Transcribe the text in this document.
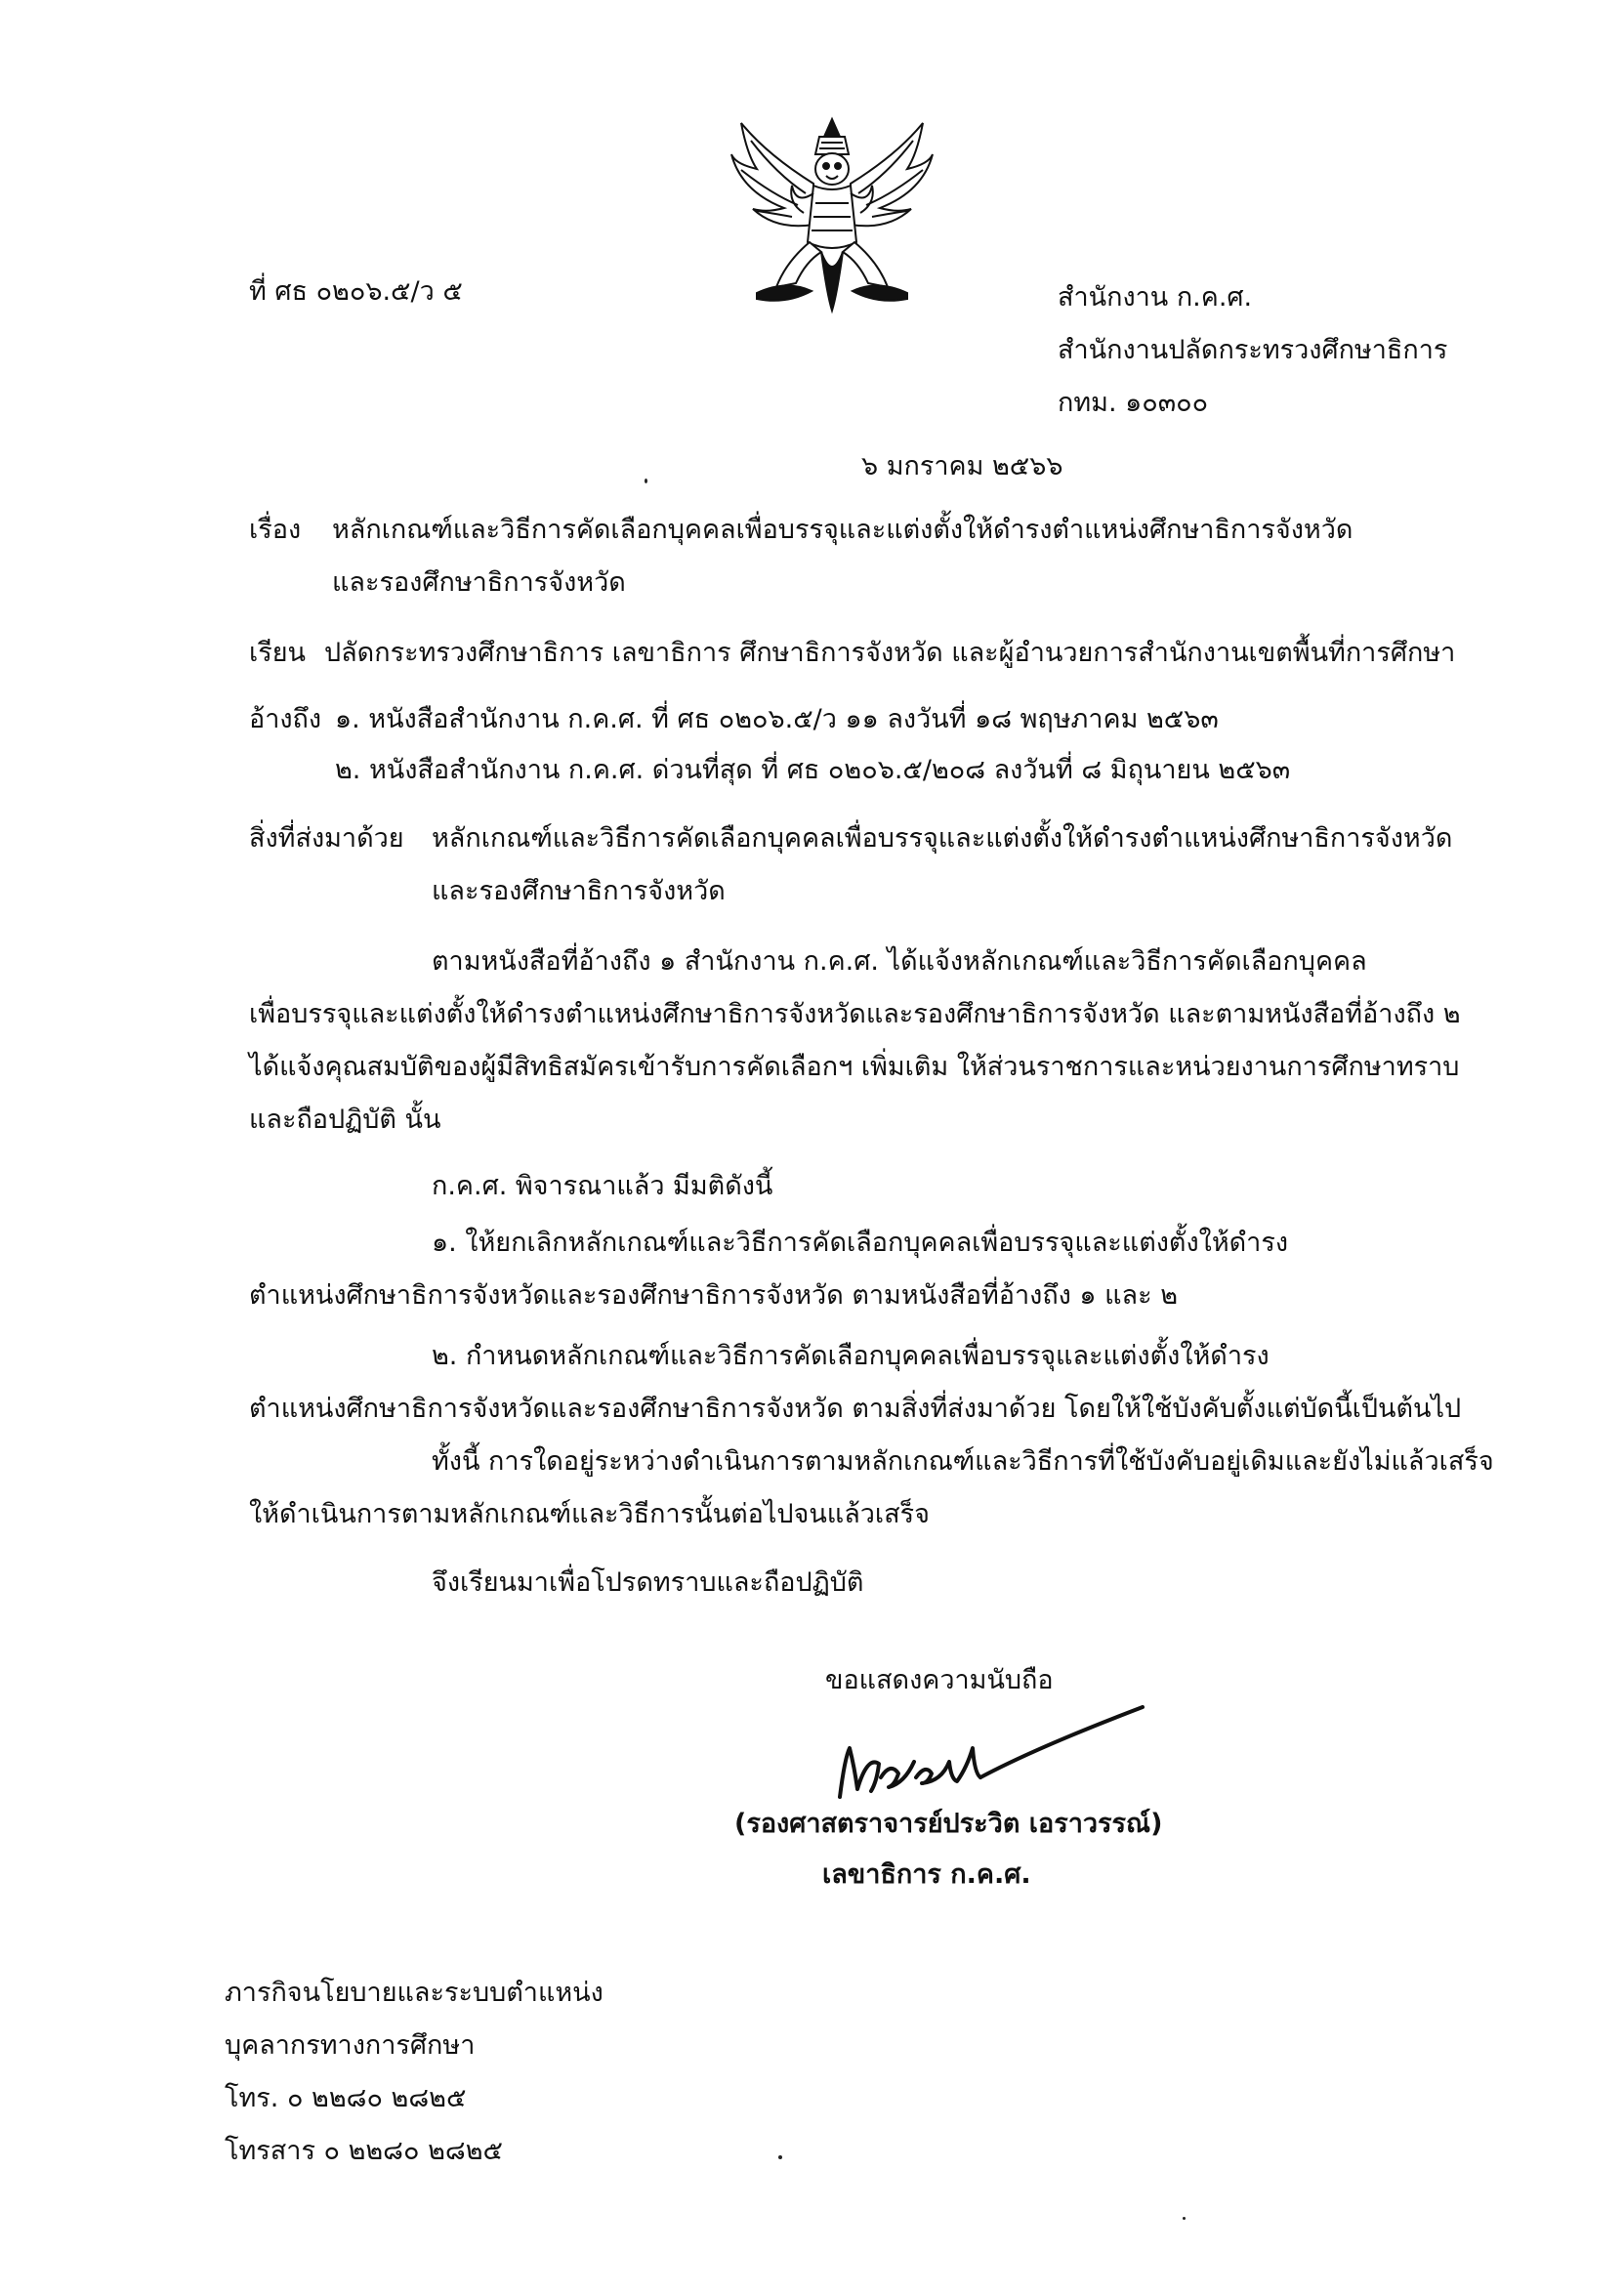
ที่ ศธ ๐๒๐๖.๕/ว ๕	สำนักงาน ก.ค.ศ.
สำนักงานปลัดกระทรวงศึกษาธิการ
กทม. ๑๐๓๐๐
๖ มกราคม ๒๕๖๖
เรื่อง หลักเกณฑ์และวิธีการคัดเลือกบุคคลเพื่อบรรจุและแต่งตั้งให้ดำรงตำแหน่งศึกษาธิการจังหวัด
และรองศึกษาธิการจังหวัด
เรียน ปลัดกระทรวงศึกษาธิการ เลขาธิการ ศึกษาธิการจังหวัด และผู้อำนวยการสำนักงานเขตพื้นที่การศึกษา
อ้างถึง ๑. หนังสือสำนักงาน ก.ค.ศ. ที่ ศธ ๐๒๐๖.๕/ว ๑๑ ลงวันที่ ๑๘ พฤษภาคม ๒๕๖๓
๒. หนังสือสำนักงาน ก.ค.ศ. ด่วนที่สุด ที่ ศธ ๐๒๐๖.๕/๒๐๘ ลงวันที่ ๘ มิถุนายน ๒๕๖๓
สิ่งที่ส่งมาด้วย หลักเกณฑ์และวิธีการคัดเลือกบุคคลเพื่อบรรจุและแต่งตั้งให้ดำรงตำแหน่งศึกษาธิการจังหวัด
และรองศึกษาธิการจังหวัด
ตามหนังสือที่อ้างถึง ๑ สำนักงาน ก.ค.ศ. ได้แจ้งหลักเกณฑ์และวิธีการคัดเลือกบุคคล
เพื่อบรรจุและแต่งตั้งให้ดำรงตำแหน่งศึกษาธิการจังหวัดและรองศึกษาธิการจังหวัด และตามหนังสือที่อ้างถึง ๒
ได้แจ้งคุณสมบัติของผู้มีสิทธิสมัครเข้ารับการคัดเลือกฯ เพิ่มเติม ให้ส่วนราชการและหน่วยงานการศึกษาทราบ
และถือปฏิบัติ นั้น
ก.ค.ศ. พิจารณาแล้ว มีมติดังนี้
๑. ให้ยกเลิกหลักเกณฑ์และวิธีการคัดเลือกบุคคลเพื่อบรรจุและแต่งตั้งให้ดำรง
ตำแหน่งศึกษาธิการจังหวัดและรองศึกษาธิการจังหวัด ตามหนังสือที่อ้างถึง ๑ และ ๒
๒. กำหนดหลักเกณฑ์และวิธีการคัดเลือกบุคคลเพื่อบรรจุและแต่งตั้งให้ดำรง
ตำแหน่งศึกษาธิการจังหวัดและรองศึกษาธิการจังหวัด ตามสิ่งที่ส่งมาด้วย โดยให้ใช้บังคับตั้งแต่บัดนี้เป็นต้นไป
ทั้งนี้ การใดอยู่ระหว่างดำเนินการตามหลักเกณฑ์และวิธีการที่ใช้บังคับอยู่เดิมและยังไม่แล้วเสร็จ
ให้ดำเนินการตามหลักเกณฑ์และวิธีการนั้นต่อไปจนแล้วเสร็จ
จึงเรียนมาเพื่อโปรดทราบและถือปฏิบัติ
ขอแสดงความนับถือ
(รองศาสตราจารย์ประวิต เอราวรรณ์)
เลขาธิการ ก.ค.ศ.
ภารกิจนโยบายและระบบตำแหน่ง
บุคลากรทางการศึกษา
โทร. ๐ ๒๒๘๐ ๒๘๒๕
โทรสาร ๐ ๒๒๘๐ ๒๘๒๕
